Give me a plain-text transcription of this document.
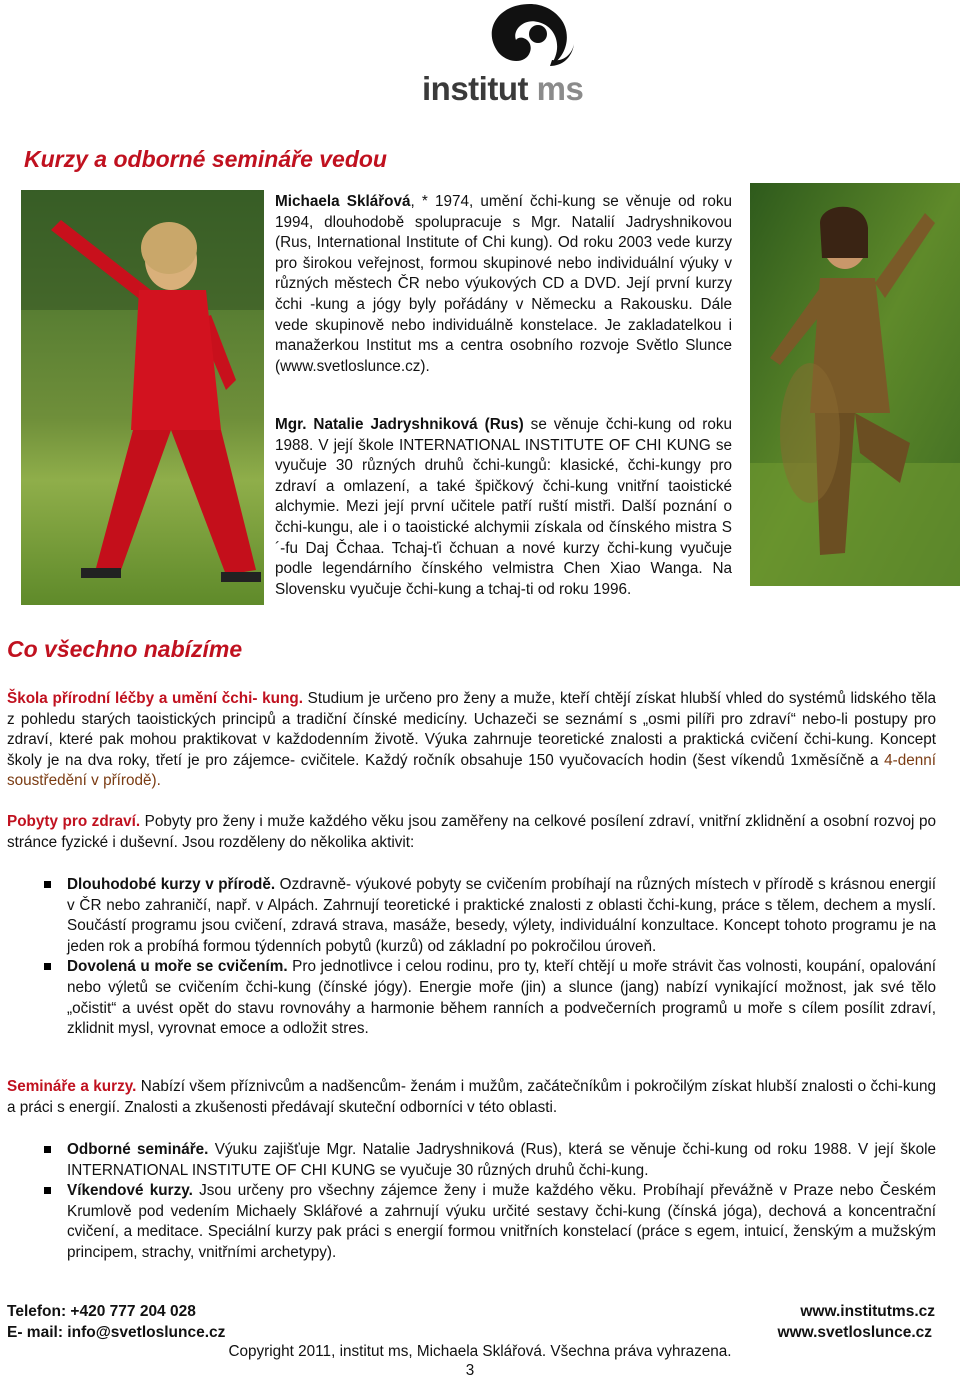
institut ms
Kurzy a odborné semináře vedou
Michaela Sklářová, * 1974, umění čchi-kung se věnuje od roku 1994, dlouhodobě spolupracuje s Mgr. Natalií Jadryshnikovou (Rus, International Institute of Chi kung). Od roku 2003 vede kurzy pro širokou veřejnost, formou skupinové nebo individuální výuky v různých městech ČR nebo výukových CD a DVD. Její první kurzy čchi -kung a jógy byly pořádány v Německu a Rakousku. Dále vede skupinově nebo individuálně konstelace. Je zakladatelkou i manažerkou Institut ms a centra osobního rozvoje Světlo Slunce (www.svetloslunce.cz).
Mgr. Natalie Jadryshniková (Rus) se věnuje čchi-kung od roku 1988. V její škole INTERNATIONAL INSTITUTE OF CHI KUNG se vyučuje 30 různých druhů čchi-kungů: klasické, čchi-kungy pro zdraví a omlazení, a také špičkový čchi-kung vnitřní taoistické alchymie. Mezi její první učitele patří ruští mistři. Další poznání o čchi-kungu, ale i o taoistické alchymii získala od čínského mistra S´-fu Daj Čchaa. Tchaj-ťi čchuan a nové kurzy čchi-kung vyučuje podle legendárního čínského velmistra Chen Xiao Wanga. Na Slovensku vyučuje čchi-kung a tchaj-ti od roku 1996.
Co všechno nabízíme
Škola přírodní léčby a umění čchi- kung. Studium je určeno pro ženy a muže, kteří chtějí získat hlubší vhled do systémů lidského těla z pohledu starých taoistických principů a tradiční čínské medicíny. Uchazeči se seznámí s „osmi pilíři pro zdraví“ nebo-li postupy pro zdraví, které pak mohou praktikovat v každodenním životě. Výuka zahrnuje teoretické znalosti a praktická cvičení čchi-kung. Koncept školy je na dva roky, třetí je pro zájemce- cvičitele. Každý ročník obsahuje 150 vyučovacích hodin (šest víkendů 1xměsíčně a 4-denní soustředění v přírodě).
Pobyty pro zdraví. Pobyty pro ženy i muže každého věku jsou zaměřeny na celkové posílení zdraví, vnitřní zklidnění a osobní rozvoj po stránce fyzické i duševní. Jsou rozděleny do několika aktivit:
Dlouhodobé kurzy v přírodě. Ozdravně- výukové pobyty se cvičením probíhají na různých místech v přírodě s krásnou energií v ČR nebo zahraničí, např. v Alpách. Zahrnují teoretické i praktické znalosti z oblasti čchi-kung, práce s tělem, dechem a myslí. Součástí programu jsou cvičení, zdravá strava, masáže, besedy, výlety, individuální konzultace. Koncept tohoto programu je na jeden rok a probíhá formou týdenních pobytů (kurzů) od základní po pokročilou úroveň.
Dovolená u moře se cvičením. Pro jednotlivce i celou rodinu, pro ty, kteří chtějí u moře strávit čas volnosti, koupání, opalování nebo výletů se cvičením čchi-kung (čínské jógy). Energie moře (jin) a slunce (jang) nabízí vynikající možnost, jak své tělo „očistit“ a uvést opět do stavu rovnováhy a harmonie během ranních a podvečerních programů u moře s cílem posílit zdraví, zklidnit mysl, vyrovnat emoce a odložit stres.
Semináře a kurzy. Nabízí všem příznivcům a nadšencům- ženám i mužům, začátečníkům i pokročilým získat hlubší znalosti o čchi-kung a práci s energií. Znalosti a zkušenosti předávají skuteční odborníci v této oblasti.
Odborné semináře. Výuku zajišťuje Mgr. Natalie Jadryshniková (Rus), která se věnuje čchi-kung od roku 1988. V její škole INTERNATIONAL INSTITUTE OF CHI KUNG se vyučuje 30 různých druhů čchi-kung.
Víkendové kurzy. Jsou určeny pro všechny zájemce ženy i muže každého věku. Probíhají převážně v Praze nebo Českém Krumlově pod vedením Michaely Sklářové a zahrnují výuku určité sestavy čchi-kung (čínská jóga), dechová a koncentrační cvičení, a meditace. Speciální kurzy pak práci s energií formou vnitřních konstelací (práce s egem, intuicí, ženským a mužským principem, strachy, vnitřními archetypy).
Telefon: +420 777 204 028
E- mail: info@svetloslunce.cz
www.institutms.cz
www.svetloslunce.cz
Copyright 2011, institut ms, Michaela Sklářová. Všechna práva vyhrazena.
3
